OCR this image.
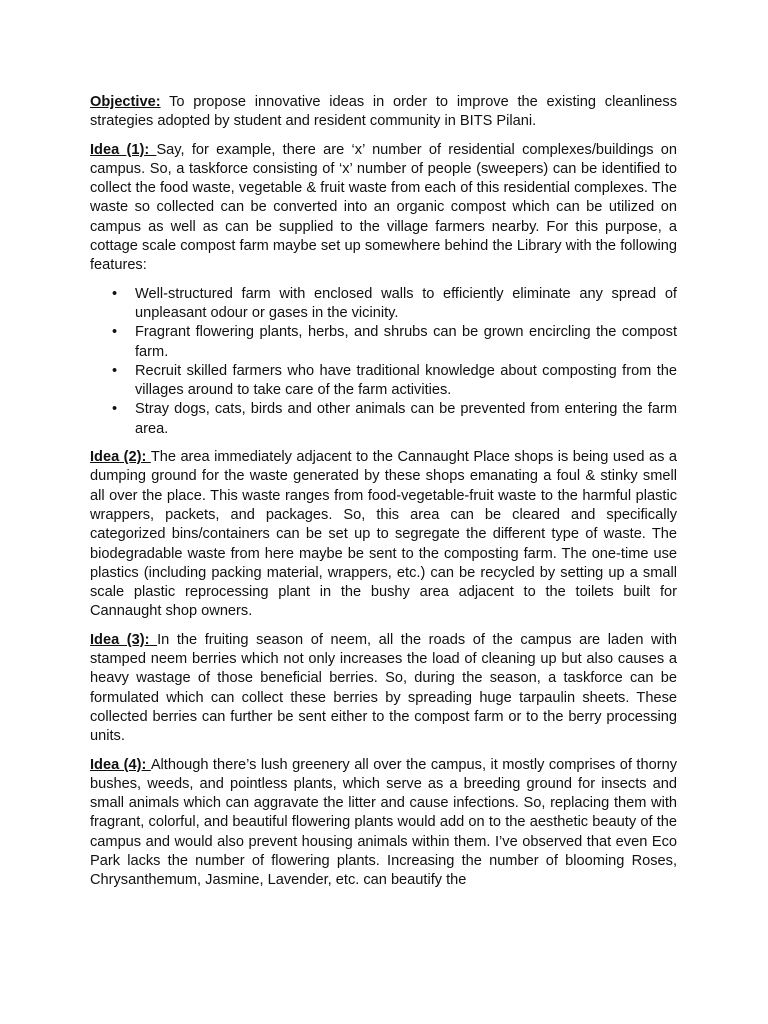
Objective: To propose innovative ideas in order to improve the existing cleanliness strategies adopted by student and resident community in BITS Pilani.

Idea (1): Say, for example, there are ‘x’ number of residential complexes/buildings on campus. So, a taskforce consisting of ‘x’ number of people (sweepers) can be identified to collect the food waste, vegetable & fruit waste from each of this residential complexes. The waste so collected can be converted into an organic compost which can be utilized on campus as well as can be supplied to the village farmers nearby. For this purpose, a cottage scale compost farm maybe set up somewhere behind the Library with the following features:

• Well-structured farm with enclosed walls to efficiently eliminate any spread of unpleasant odour or gases in the vicinity.
• Fragrant flowering plants, herbs, and shrubs can be grown encircling the compost farm.
• Recruit skilled farmers who have traditional knowledge about composting from the villages around to take care of the farm activities.
• Stray dogs, cats, birds and other animals can be prevented from entering the farm area.

Idea (2): The area immediately adjacent to the Cannaught Place shops is being used as a dumping ground for the waste generated by these shops emanating a foul & stinky smell all over the place. This waste ranges from food-vegetable-fruit waste to the harmful plastic wrappers, packets, and packages. So, this area can be cleared and specifically categorized bins/containers can be set up to segregate the different type of waste. The biodegradable waste from here maybe be sent to the composting farm. The one-time use plastics (including packing material, wrappers, etc.) can be recycled by setting up a small scale plastic reprocessing plant in the bushy area adjacent to the toilets built for Cannaught shop owners.

Idea (3): In the fruiting season of neem, all the roads of the campus are laden with stamped neem berries which not only increases the load of cleaning up but also causes a heavy wastage of those beneficial berries. So, during the season, a taskforce can be formulated which can collect these berries by spreading huge tarpaulin sheets. These collected berries can further be sent either to the compost farm or to the berry processing units.

Idea (4): Although there’s lush greenery all over the campus, it mostly comprises of thorny bushes, weeds, and pointless plants, which serve as a breeding ground for insects and small animals which can aggravate the litter and cause infections. So, replacing them with fragrant, colorful, and beautiful flowering plants would add on to the aesthetic beauty of the campus and would also prevent housing animals within them. I’ve observed that even Eco Park lacks the number of flowering plants. Increasing the number of blooming Roses, Chrysanthemum, Jasmine, Lavender, etc. can beautify the
